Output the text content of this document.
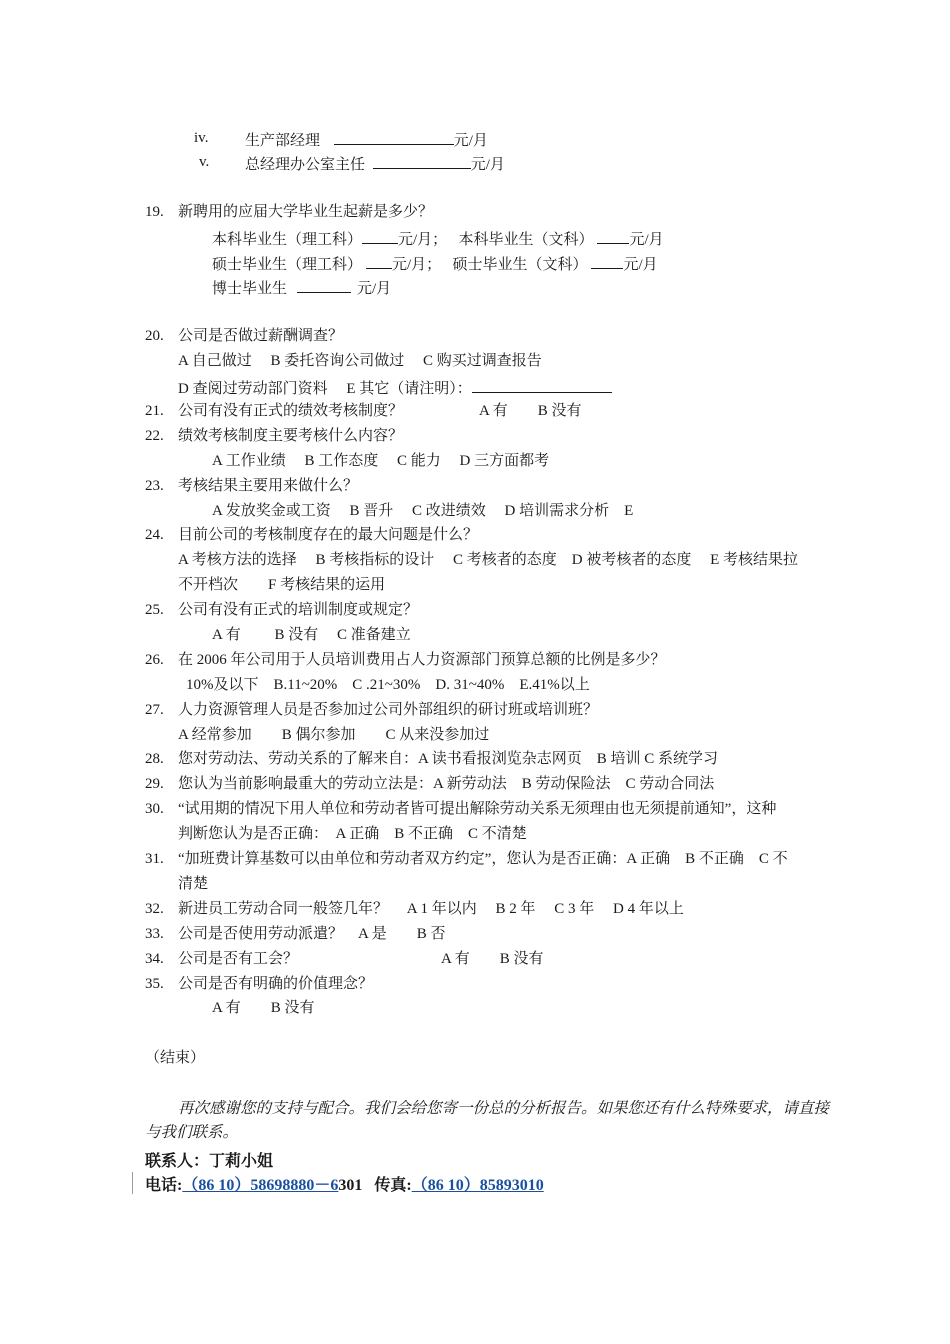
iv. 生产部经理	元/月
v. 总经理办公室主任	元/月
19. 新聘用的应届大学毕业生起薪是多少？
本科毕业生（理工科） 元/月； 本科毕业生（文科） 元/月
硕士毕业生（理工科） 元/月； 硕士毕业生（文科） 元/月
博士毕业生	元/月
20. 公司是否做过薪酬调查？
A 自己做过　 B 委托咨询公司做过　 C 购买过调查报告
D 查阅过劳动部门资料　 E 其它（请注明）：
21. 公司有没有正式的绩效考核制度？	A 有　　B 没有
22. 绩效考核制度主要考核什么内容？
A 工作业绩　 B 工作态度　 C 能力　 D 三方面都考
23. 考核结果主要用来做什么？
A 发放奖金或工资　 B 晋升　 C 改进绩效　 D 培训需求分析　E
24. 目前公司的考核制度存在的最大问题是什么？
A 考核方法的选择　 B 考核指标的设计　 C 考核者的态度　D 被考核者的态度　 E 考核结果拉
不开档次　　F 考核结果的运用
25. 公司有没有正式的培训制度或规定？
A 有　　 B 没有　 C 准备建立
26. 在 2006 年公司用于人员培训费用占人力资源部门预算总额的比例是多少？
10%及以下　B.11~20%　C .21~30%　D. 31~40%　E.41%以上
27. 人力资源管理人员是否参加过公司外部组织的研讨班或培训班？
A 经常参加　　B 偶尔参加　　C 从来没参加过
28. 您对劳动法、劳动关系的了解来自：A 读书看报浏览杂志网页　B 培训 C 系统学习
29. 您认为当前影响最重大的劳动立法是：A 新劳动法　B 劳动保险法　C 劳动合同法
30. “试用期的情况下用人单位和劳动者皆可提出解除劳动关系无须理由也无须提前通知”，这种
判断您认为是否正确：　A 正确　B 不正确　C 不清楚
31. “加班费计算基数可以由单位和劳动者双方约定”，您认为是否正确：A 正确　B 不正确　C 不
清楚
32. 新进员工劳动合同一般签几年？　 A 1 年以内　 B 2 年　 C 3 年　 D 4 年以上
33. 公司是否使用劳动派遣？　A 是　　B 否
34. 公司是否有工会？	A 有　　B 没有
35. 公司是否有明确的价值理念？
A 有　　B 没有
（结束）
再次感谢您的支持与配合。我们会给您寄一份总的分析报告。如果您还有什么特殊要求，请直接
与我们联系。
联系人：丁莉小姐
电话:（86 10）58698880－6301 传真:（86 10）85893010
